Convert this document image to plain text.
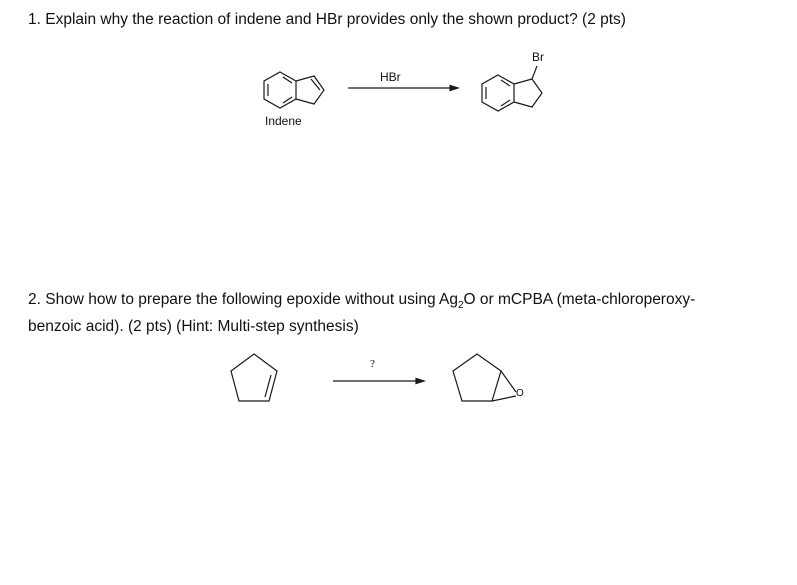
1. Explain why the reaction of indene and HBr provides only the shown product? (2 pts)
HBr
Indene
Br
2. Show how to prepare the following epoxide without using $Ag_2O$ or mCPBA (meta-chloroperoxy-
benzoic acid). (2 pts) (Hint: Multi-step synthesis)
?
O
